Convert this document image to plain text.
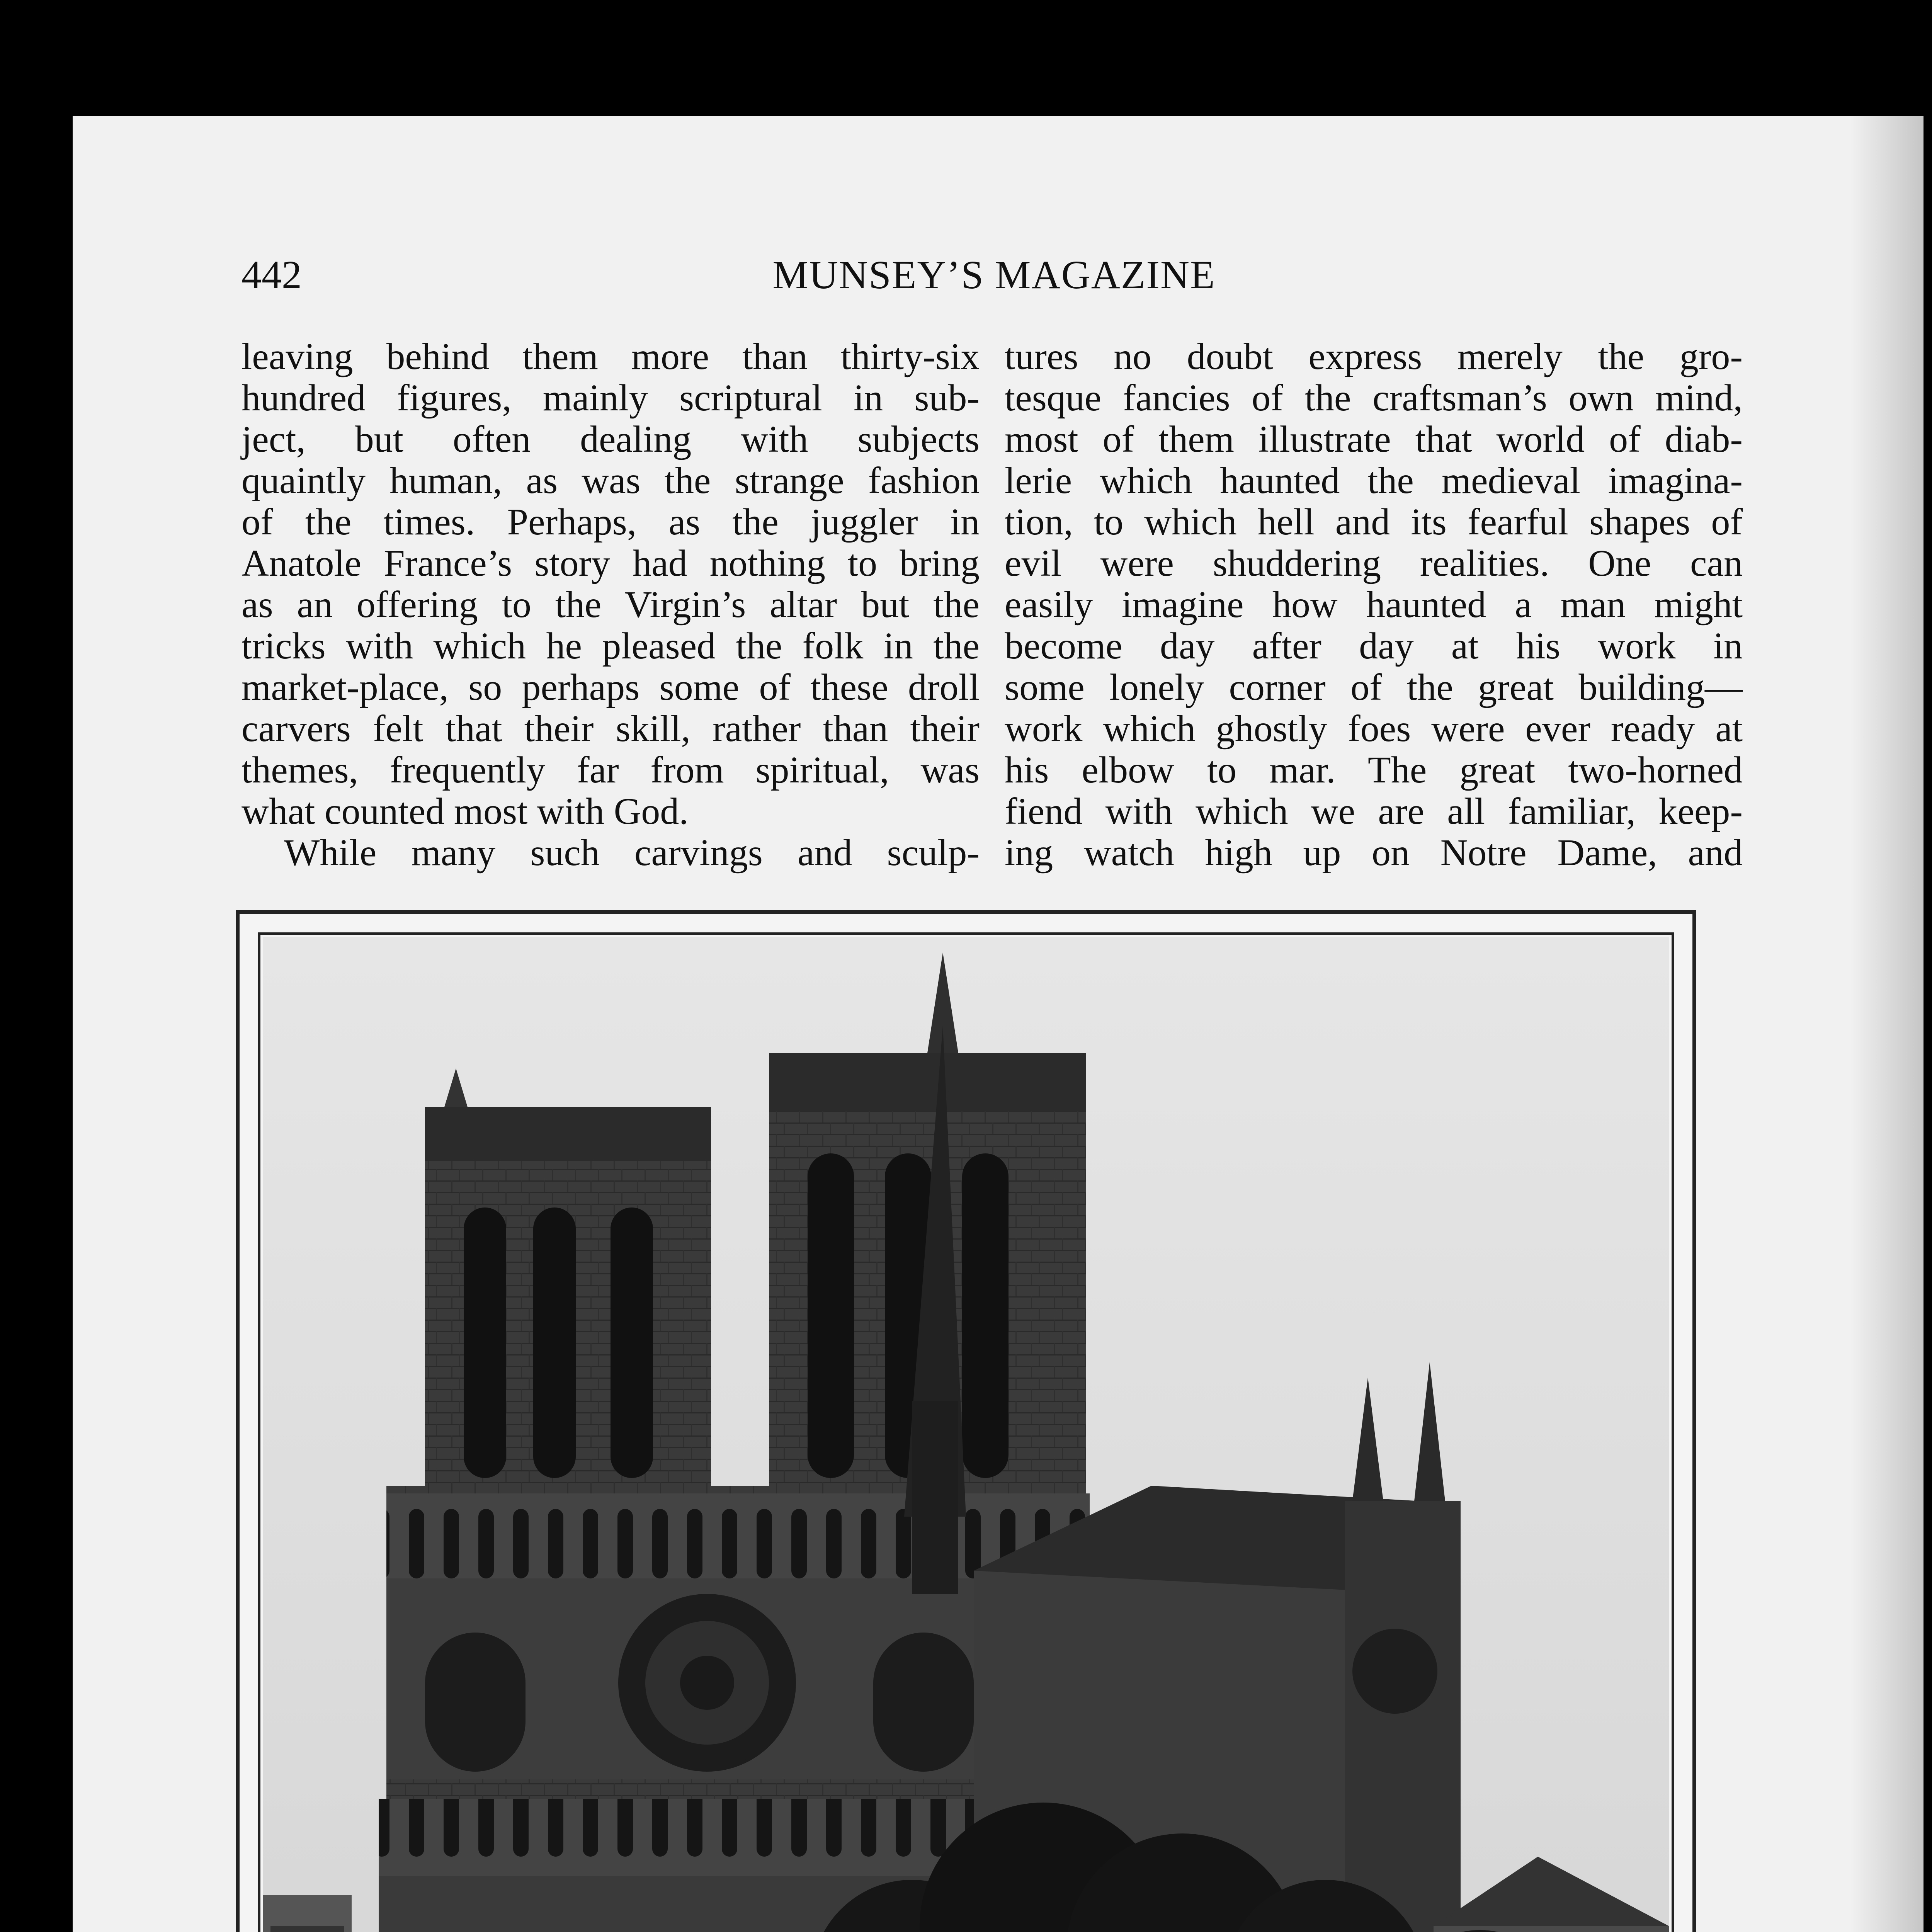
442	MUNSEY’S MAGAZINE
leaving behind them more than thirty-six
hundred figures, mainly scriptural in sub-
ject, but often dealing with subjects
quaintly human, as was the strange fashion
of the times. Perhaps, as the juggler in
Anatole France’s story had nothing to bring
as an offering to the Virgin’s altar but the
tricks with which he pleased the folk in the
market-place, so perhaps some of these droll
carvers felt that their skill, rather than their
themes, frequently far from spiritual, was
what counted most with God.
While many such carvings and sculp-
tures no doubt express merely the gro-
tesque fancies of the craftsman’s own mind,
most of them illustrate that world of diab-
lerie which haunted the medieval imagina-
tion, to which hell and its fearful shapes of
evil were shuddering realities. One can
easily imagine how haunted a man might
become day after day at his work in
some lonely corner of the great building—
work which ghostly foes were ever ready at
his elbow to mar. The great two-horned
fiend with which we are all familiar, keep-
ing watch high up on Notre Dame, and
